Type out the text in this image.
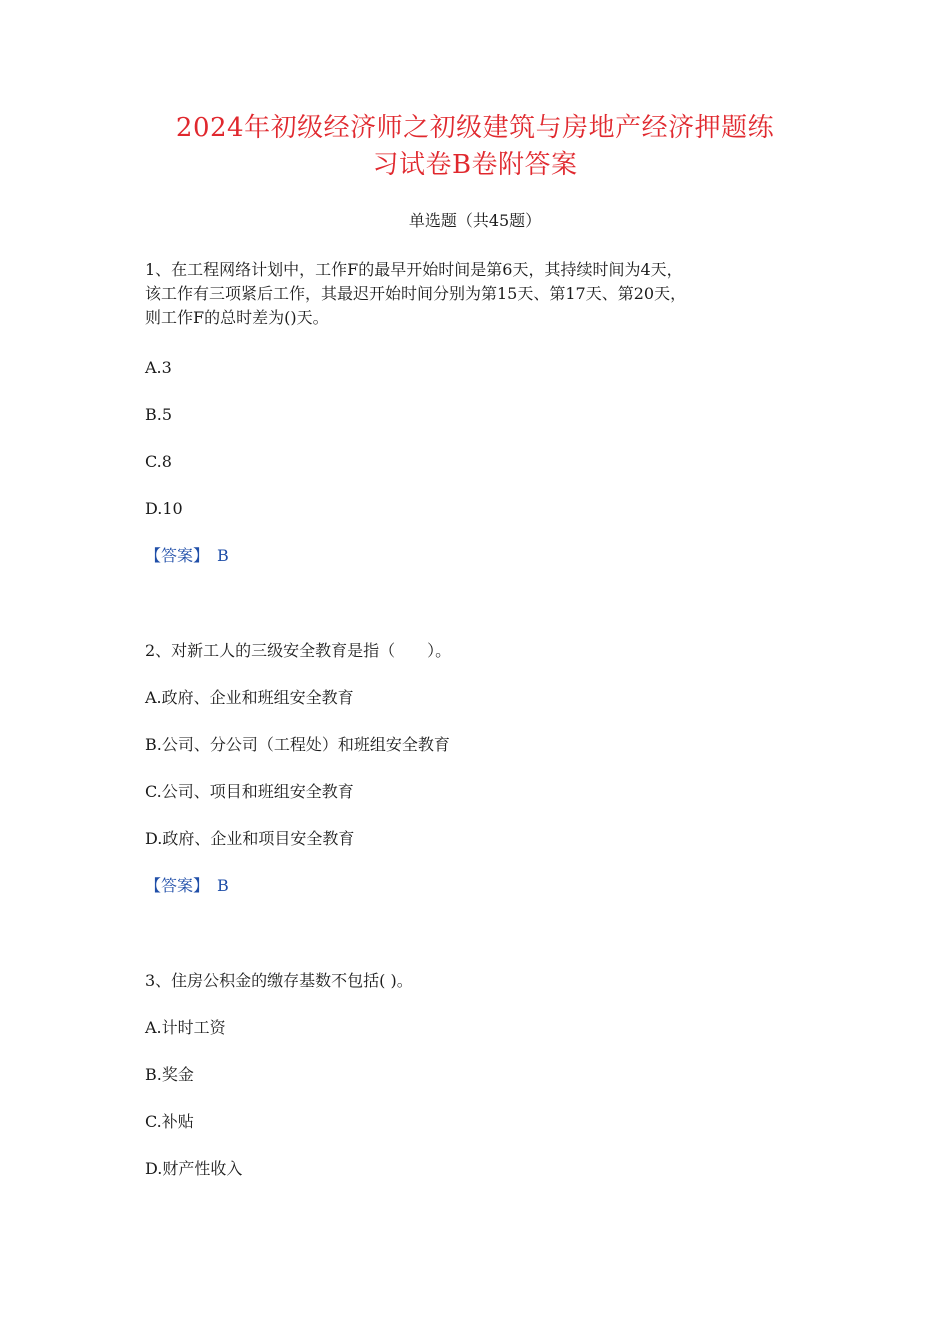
2024年初级经济师之初级建筑与房地产经济押题练
习试卷B卷附答案
单选题（共45题）
1、在工程网络计划中，工作F的最早开始时间是第6天，其持续时间为4天，
该工作有三项紧后工作，其最迟开始时间分别为第15天、第17天、第20天，
则工作F的总时差为()天。
A.3
B.5
C.8
D.10
【答案】 B
2、对新工人的三级安全教育是指（　　）。
A.政府、企业和班组安全教育
B.公司、分公司（工程处）和班组安全教育
C.公司、项目和班组安全教育
D.政府、企业和项目安全教育
【答案】 B
3、住房公积金的缴存基数不包括( )。
A.计时工资
B.奖金
C.补贴
D.财产性收入
